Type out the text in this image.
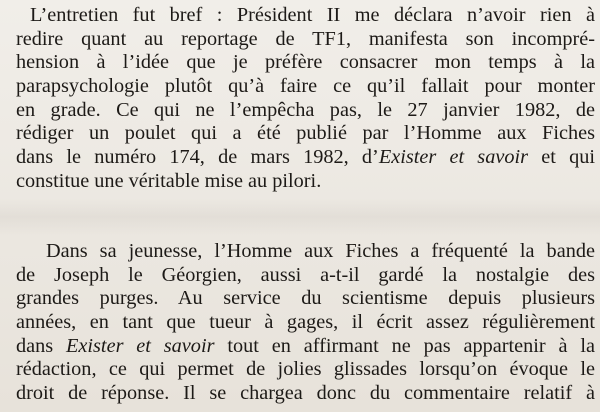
L’entretien fut bref : Président II me déclara n’avoir rien à
redire quant au reportage de TF1, manifesta son incompré-
hension à l’idée que je préfère consacrer mon temps à la
parapsychologie plutôt qu’à faire ce qu’il fallait pour monter
en grade. Ce qui ne l’empêcha pas, le 27 janvier 1982, de
rédiger un poulet qui a été publié par l’Homme aux Fiches
dans le numéro 174, de mars 1982, d’Exister et savoir et qui
constitue une véritable mise au pilori.

Dans sa jeunesse, l’Homme aux Fiches a fréquenté la bande
de Joseph le Géorgien, aussi a-t-il gardé la nostalgie des
grandes purges. Au service du scientisme depuis plusieurs
années, en tant que tueur à gages, il écrit assez régulièrement
dans Exister et savoir tout en affirmant ne pas appartenir à la
rédaction, ce qui permet de jolies glissades lorsqu’on évoque le
droit de réponse. Il se chargea donc du commentaire relatif à
